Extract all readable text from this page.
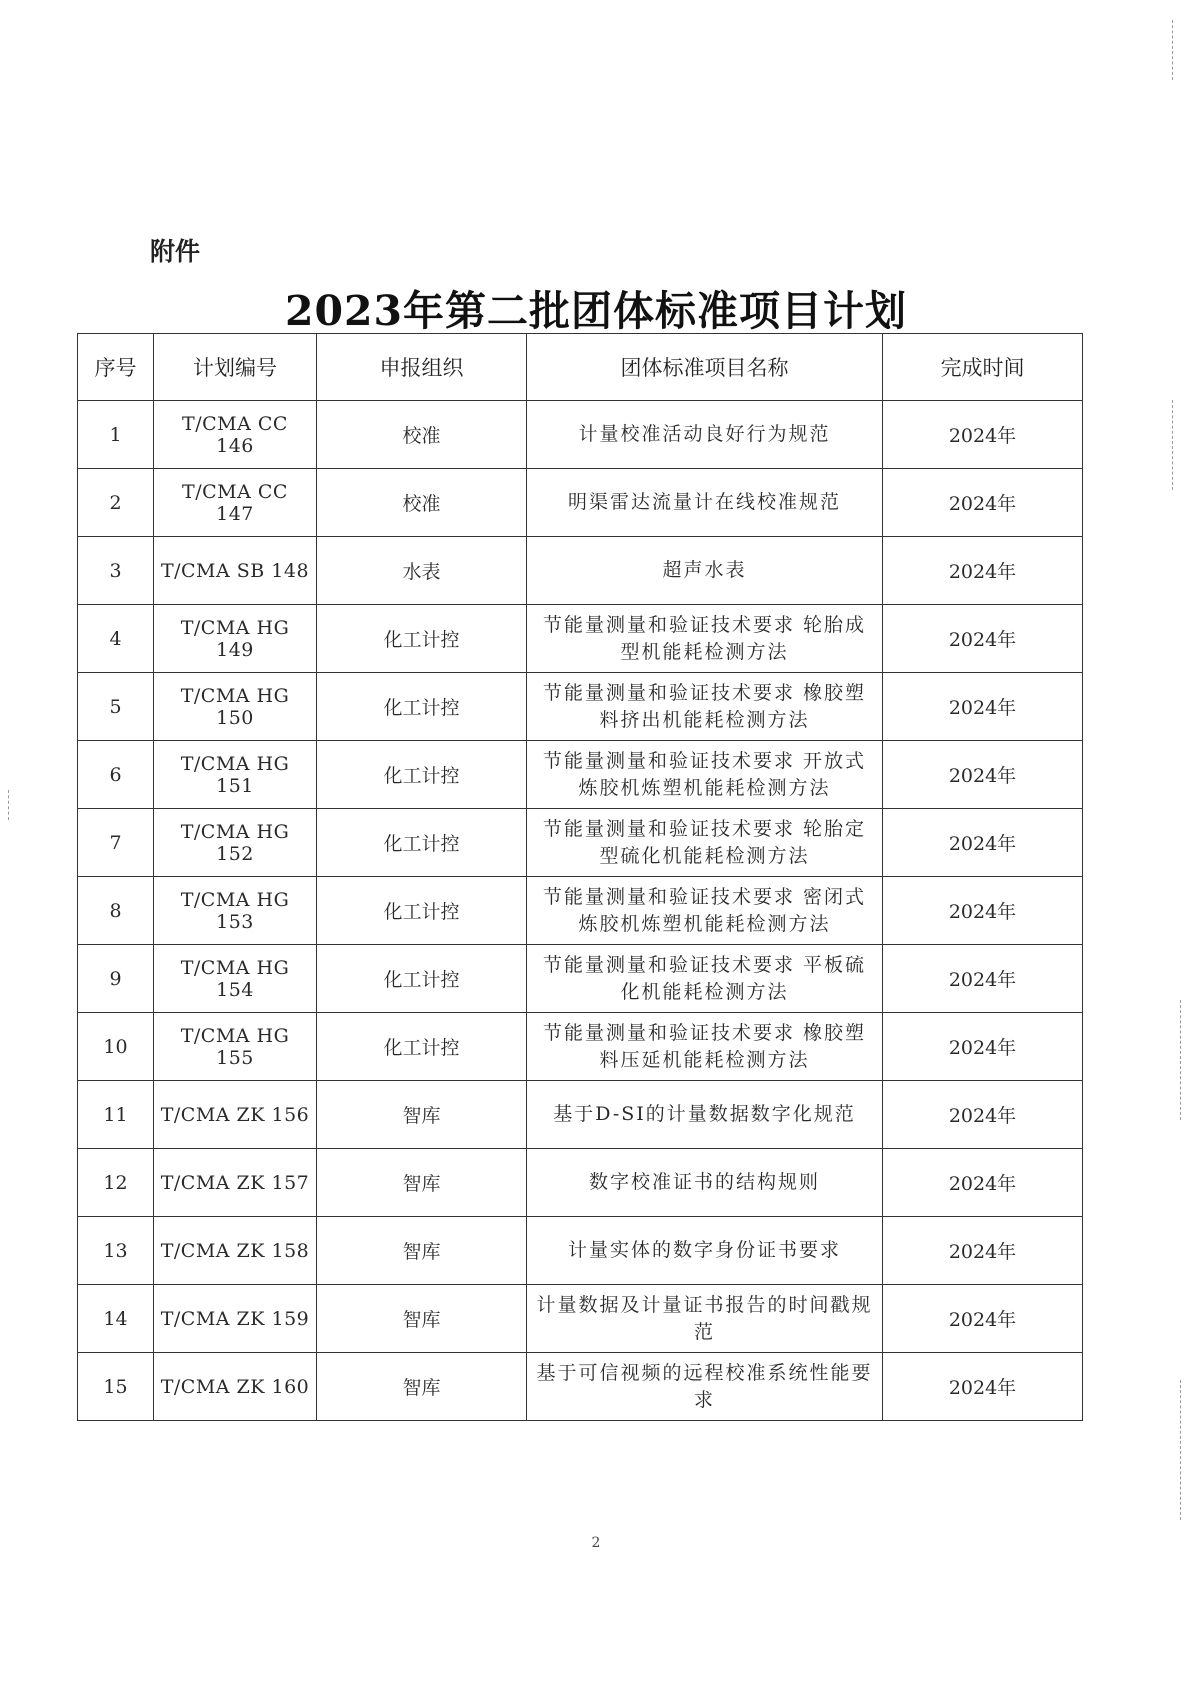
附件
2023年第二批团体标准项目计划
序号	计划编号	申报组织	团体标准项目名称	完成时间
1	T/CMA CC 146	校准	计量校准活动良好行为规范	2024年
2	T/CMA CC 147	校准	明渠雷达流量计在线校准规范	2024年
3	T/CMA SB 148	水表	超声水表	2024年
4	T/CMA HG 149	化工计控	节能量测量和验证技术要求 轮胎成型机能耗检测方法	2024年
5	T/CMA HG 150	化工计控	节能量测量和验证技术要求 橡胶塑料挤出机能耗检测方法	2024年
6	T/CMA HG 151	化工计控	节能量测量和验证技术要求 开放式炼胶机炼塑机能耗检测方法	2024年
7	T/CMA HG 152	化工计控	节能量测量和验证技术要求 轮胎定型硫化机能耗检测方法	2024年
8	T/CMA HG 153	化工计控	节能量测量和验证技术要求 密闭式炼胶机炼塑机能耗检测方法	2024年
9	T/CMA HG 154	化工计控	节能量测量和验证技术要求 平板硫化机能耗检测方法	2024年
10	T/CMA HG 155	化工计控	节能量测量和验证技术要求 橡胶塑料压延机能耗检测方法	2024年
11	T/CMA ZK 156	智库	基于D-SI的计量数据数字化规范	2024年
12	T/CMA ZK 157	智库	数字校准证书的结构规则	2024年
13	T/CMA ZK 158	智库	计量实体的数字身份证书要求	2024年
14	T/CMA ZK 159	智库	计量数据及计量证书报告的时间戳规范	2024年
15	T/CMA ZK 160	智库	基于可信视频的远程校准系统性能要求	2024年
2
